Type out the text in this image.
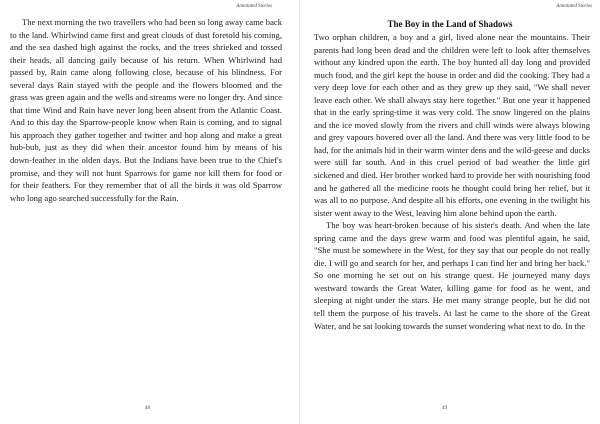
Annotated Stories

The next morning the two travellers who had been so long away came back to the land. Whirlwind came first and great clouds of dust foretold his coming, and the sea dashed high against the rocks, and the trees shrieked and tossed their heads, all dancing gaily because of his return. When Whirlwind had passed by, Rain came along following close, because of his blindness. For several days Rain stayed with the people and the flowers bloomed and the grass was green again and the wells and streams were no longer dry. And since that time Wind and Rain have never long been absent from the Atlantic Coast. And to this day the Sparrow-people know when Rain is coming, and to signal his approach they gather together and twitter and hop along and make a great hub-bub, just as they did when their ancestor found him by means of his down-feather in the olden days. But the Indians have been true to the Chief's promise, and they will not hunt Sparrows for game nor kill them for food or for their feathers. For they remember that of all the birds it was old Sparrow who long ago searched successfully for the Rain.

48
Annotated Stories
The Boy in the Land of Shadows

Two orphan children, a boy and a girl, lived alone near the mountains. Their parents had long been dead and the children were left to look after themselves without any kindred upon the earth. The boy hunted all day long and provided much food, and the girl kept the house in order and did the cooking. They had a very deep love for each other and as they grew up they said, "We shall never leave each other. We shall always stay here together." But one year it happened that in the early spring-time it was very cold. The snow lingered on the plains and the ice moved slowly from the rivers and chill winds were always blowing and grey vapours hovered over all the land. And there was very little food to be had, for the animals hid in their warm winter dens and the wild-geese and ducks were still far south. And in this cruel period of bad weather the little girl sickened and died. Her brother worked hard to provide her with nourishing food and he gathered all the medicine roots he thought could bring her relief, but it was all to no purpose. And despite all his efforts, one evening in the twilight his sister went away to the West, leaving him alone behind upon the earth.

The boy was heart-broken because of his sister's death. And when the late spring came and the days grew warm and food was plentiful again, he said, "She must be somewhere in the West, for they say that our people do not really die. I will go and search for her, and perhaps I can find her and bring her back." So one morning he set out on his strange quest. He journeyed many days westward towards the Great Water, killing game for food as he went, and sleeping at night under the stars. He met many strange people, but he did not tell them the purpose of his travels. At last he came to the shore of the Great Water, and he sat looking towards the sunset wondering what next to do. In the

49
